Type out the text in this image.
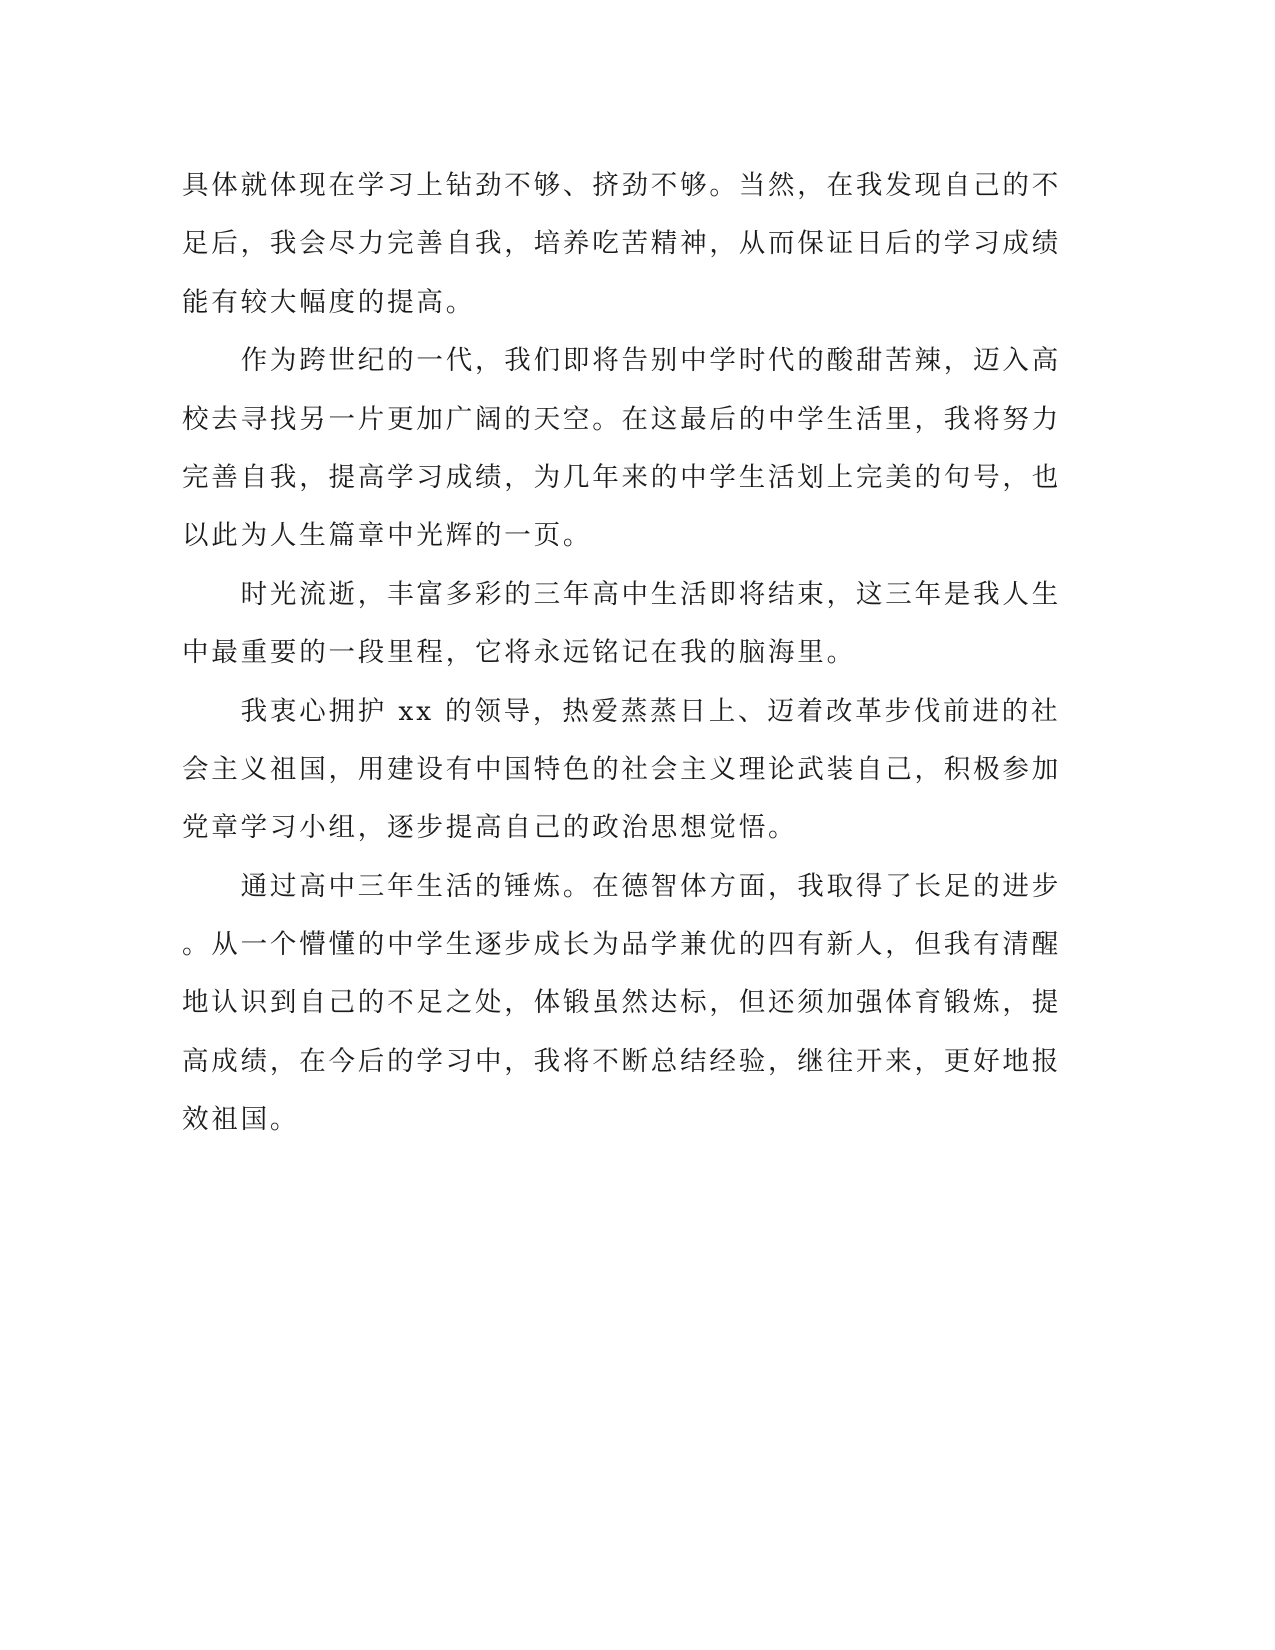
具体就体现在学习上钻劲不够、挤劲不够。当然，在我发现自己的不
足后，我会尽力完善自我，培养吃苦精神，从而保证日后的学习成绩
能有较大幅度的提高。
　　作为跨世纪的一代，我们即将告别中学时代的酸甜苦辣，迈入高
校去寻找另一片更加广阔的天空。在这最后的中学生活里，我将努力
完善自我，提高学习成绩，为几年来的中学生活划上完美的句号，也
以此为人生篇章中光辉的一页。
　　时光流逝，丰富多彩的三年高中生活即将结束，这三年是我人生
中最重要的一段里程，它将永远铭记在我的脑海里。
　　我衷心拥护 xx 的领导，热爱蒸蒸日上、迈着改革步伐前进的社
会主义祖国，用建设有中国特色的社会主义理论武装自己，积极参加
党章学习小组，逐步提高自己的政治思想觉悟。
　　通过高中三年生活的锤炼。在德智体方面，我取得了长足的进步
。从一个懵懂的中学生逐步成长为品学兼优的四有新人，但我有清醒
地认识到自己的不足之处，体锻虽然达标，但还须加强体育锻炼，提
高成绩，在今后的学习中，我将不断总结经验，继往开来，更好地报
效祖国。
